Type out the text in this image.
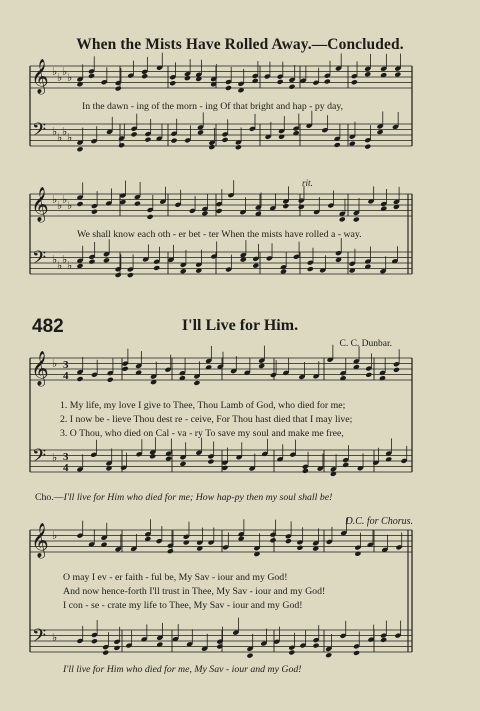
When the Mists Have Rolled Away.—Concluded.
𝄞
𝄢
♭
♭
♭
♭
♭
♭
♭
♭
𝄞
𝄢
♭
♭
♭
♭
♭
♭
♭
♭
𝄞
𝄢
♭
♭
3
4
3
4
𝄞
𝄢
♭
♭
In the dawn - ing of the morn - ing Of that bright and hap - py day,
We shall know each oth - er bet - ter When the mists have rolled a - way.
482	I'll Live for Him.
C. C. Dunbar.
1. My life, my love I give to Thee, Thou Lamb of God, who died for me;
2. I now be - lieve Thou dest re - ceive, For Thou hast died that I may live;
3. O Thou, who died on Cal - va - ry To save my soul and make me free,
Cho.—I'll live for Him who died for me; How hap-py then my soul shall be!
D.C. for Chorus.
O may I ev - er faith - ful be, My Sav - iour and my God!
And now hence-forth I'll trust in Thee, My Sav - iour and my God!
I con - se - crate my life to Thee, My Sav - iour and my God!
I'll live for Him who died for me, My Sav - iour and my God!
rit.
